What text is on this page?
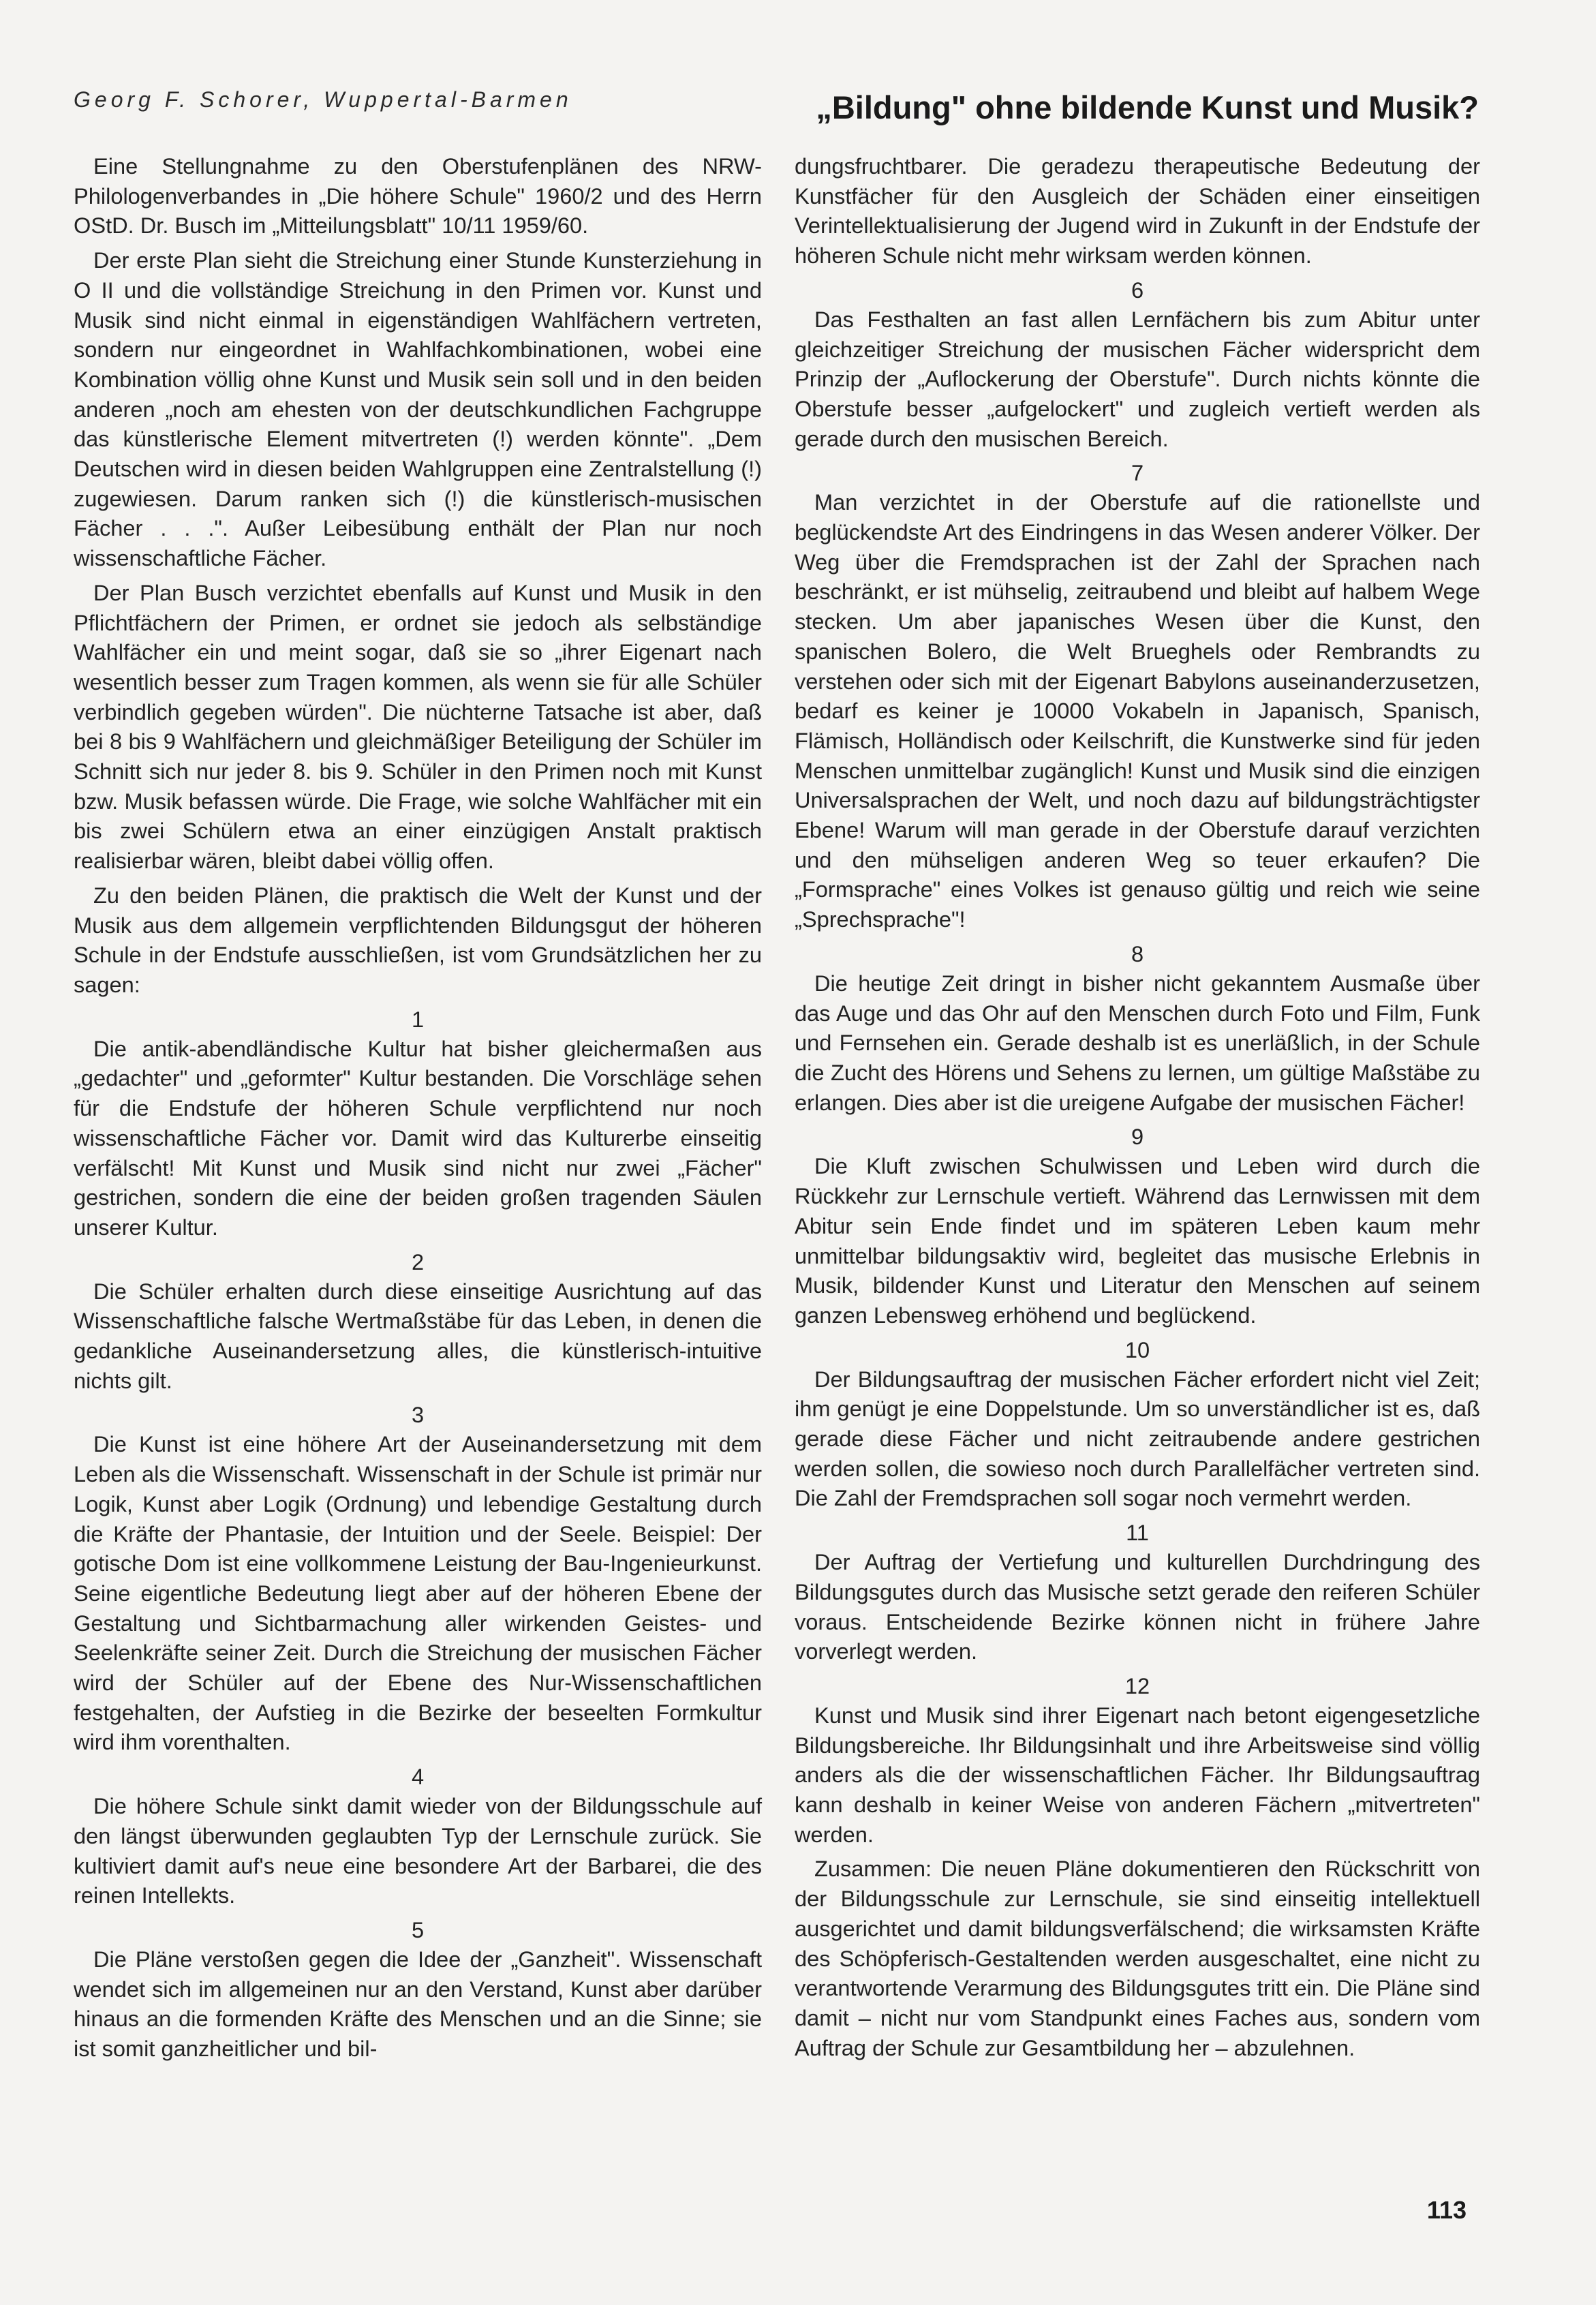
Georg F. Schorer, Wuppertal-Barmen	„Bildung" ohne bildende Kunst und Musik?

Eine Stellungnahme zu den Oberstufenplänen des NRW-Philologenverbandes in „Die höhere Schule" 1960/2 und des Herrn OStD. Dr. Busch im „Mitteilungsblatt" 10/11 1959/60.

Der erste Plan sieht die Streichung einer Stunde Kunsterziehung in O II und die vollständige Streichung in den Primen vor. Kunst und Musik sind nicht einmal in eigenständigen Wahlfächern vertreten, sondern nur eingeordnet in Wahlfachkombinationen, wobei eine Kombination völlig ohne Kunst und Musik sein soll und in den beiden anderen „noch am ehesten von der deutschkundlichen Fachgruppe das künstlerische Element mitvertreten (!) werden könnte". „Dem Deutschen wird in diesen beiden Wahlgruppen eine Zentralstellung (!) zugewiesen. Darum ranken sich (!) die künstlerisch-musischen Fächer . . .". Außer Leibesübung enthält der Plan nur noch wissenschaftliche Fächer.

Der Plan Busch verzichtet ebenfalls auf Kunst und Musik in den Pflichtfächern der Primen, er ordnet sie jedoch als selbständige Wahlfächer ein und meint sogar, daß sie so „ihrer Eigenart nach wesentlich besser zum Tragen kommen, als wenn sie für alle Schüler verbindlich gegeben würden". Die nüchterne Tatsache ist aber, daß bei 8 bis 9 Wahlfächern und gleichmäßiger Beteiligung der Schüler im Schnitt sich nur jeder 8. bis 9. Schüler in den Primen noch mit Kunst bzw. Musik befassen würde. Die Frage, wie solche Wahlfächer mit ein bis zwei Schülern etwa an einer einzügigen Anstalt praktisch realisierbar wären, bleibt dabei völlig offen.

Zu den beiden Plänen, die praktisch die Welt der Kunst und der Musik aus dem allgemein verpflichtenden Bildungsgut der höheren Schule in der Endstufe ausschließen, ist vom Grundsätzlichen her zu sagen:

1

Die antik-abendländische Kultur hat bisher gleichermaßen aus „gedachter" und „geformter" Kultur bestanden. Die Vorschläge sehen für die Endstufe der höheren Schule verpflichtend nur noch wissenschaftliche Fächer vor. Damit wird das Kulturerbe einseitig verfälscht! Mit Kunst und Musik sind nicht nur zwei „Fächer" gestrichen, sondern die eine der beiden großen tragenden Säulen unserer Kultur.

2

Die Schüler erhalten durch diese einseitige Ausrichtung auf das Wissenschaftliche falsche Wertmaßstäbe für das Leben, in denen die gedankliche Auseinandersetzung alles, die künstlerisch-intuitive nichts gilt.

3

Die Kunst ist eine höhere Art der Auseinandersetzung mit dem Leben als die Wissenschaft. Wissenschaft in der Schule ist primär nur Logik, Kunst aber Logik (Ordnung) und lebendige Gestaltung durch die Kräfte der Phantasie, der Intuition und der Seele. Beispiel: Der gotische Dom ist eine vollkommene Leistung der Bau-Ingenieurkunst. Seine eigentliche Bedeutung liegt aber auf der höheren Ebene der Gestaltung und Sichtbarmachung aller wirkenden Geistes- und Seelenkräfte seiner Zeit. Durch die Streichung der musischen Fächer wird der Schüler auf der Ebene des Nur-Wissenschaftlichen festgehalten, der Aufstieg in die Bezirke der beseelten Formkultur wird ihm vorenthalten.

4

Die höhere Schule sinkt damit wieder von der Bildungsschule auf den längst überwunden geglaubten Typ der Lernschule zurück. Sie kultiviert damit auf's neue eine besondere Art der Barbarei, die des reinen Intellekts.

5

Die Pläne verstoßen gegen die Idee der „Ganzheit". Wissenschaft wendet sich im allgemeinen nur an den Verstand, Kunst aber darüber hinaus an die formenden Kräfte des Menschen und an die Sinne; sie ist somit ganzheitlicher und bil-

dungsfruchtbarer. Die geradezu therapeutische Bedeutung der Kunstfächer für den Ausgleich der Schäden einer einseitigen Verintellektualisierung der Jugend wird in Zukunft in der Endstufe der höheren Schule nicht mehr wirksam werden können.

6

Das Festhalten an fast allen Lernfächern bis zum Abitur unter gleichzeitiger Streichung der musischen Fächer widerspricht dem Prinzip der „Auflockerung der Oberstufe". Durch nichts könnte die Oberstufe besser „aufgelockert" und zugleich vertieft werden als gerade durch den musischen Bereich.

7

Man verzichtet in der Oberstufe auf die rationellste und beglückendste Art des Eindringens in das Wesen anderer Völker. Der Weg über die Fremdsprachen ist der Zahl der Sprachen nach beschränkt, er ist mühselig, zeitraubend und bleibt auf halbem Wege stecken. Um aber japanisches Wesen über die Kunst, den spanischen Bolero, die Welt Brueghels oder Rembrandts zu verstehen oder sich mit der Eigenart Babylons auseinanderzusetzen, bedarf es keiner je 10000 Vokabeln in Japanisch, Spanisch, Flämisch, Holländisch oder Keilschrift, die Kunstwerke sind für jeden Menschen unmittelbar zugänglich! Kunst und Musik sind die einzigen Universalsprachen der Welt, und noch dazu auf bildungsträchtigster Ebene! Warum will man gerade in der Oberstufe darauf verzichten und den mühseligen anderen Weg so teuer erkaufen? Die „Formsprache" eines Volkes ist genauso gültig und reich wie seine „Sprechsprache"!

8

Die heutige Zeit dringt in bisher nicht gekanntem Ausmaße über das Auge und das Ohr auf den Menschen durch Foto und Film, Funk und Fernsehen ein. Gerade deshalb ist es unerläßlich, in der Schule die Zucht des Hörens und Sehens zu lernen, um gültige Maßstäbe zu erlangen. Dies aber ist die ureigene Aufgabe der musischen Fächer!

9

Die Kluft zwischen Schulwissen und Leben wird durch die Rückkehr zur Lernschule vertieft. Während das Lernwissen mit dem Abitur sein Ende findet und im späteren Leben kaum mehr unmittelbar bildungsaktiv wird, begleitet das musische Erlebnis in Musik, bildender Kunst und Literatur den Menschen auf seinem ganzen Lebensweg erhöhend und beglückend.

10

Der Bildungsauftrag der musischen Fächer erfordert nicht viel Zeit; ihm genügt je eine Doppelstunde. Um so unverständlicher ist es, daß gerade diese Fächer und nicht zeitraubende andere gestrichen werden sollen, die sowieso noch durch Parallelfächer vertreten sind. Die Zahl der Fremdsprachen soll sogar noch vermehrt werden.

11

Der Auftrag der Vertiefung und kulturellen Durchdringung des Bildungsgutes durch das Musische setzt gerade den reiferen Schüler voraus. Entscheidende Bezirke können nicht in frühere Jahre vorverlegt werden.

12

Kunst und Musik sind ihrer Eigenart nach betont eigengesetzliche Bildungsbereiche. Ihr Bildungsinhalt und ihre Arbeitsweise sind völlig anders als die der wissenschaftlichen Fächer. Ihr Bildungsauftrag kann deshalb in keiner Weise von anderen Fächern „mitvertreten" werden.

Zusammen: Die neuen Pläne dokumentieren den Rückschritt von der Bildungsschule zur Lernschule, sie sind einseitig intellektuell ausgerichtet und damit bildungsverfälschend; die wirksamsten Kräfte des Schöpferisch-Gestaltenden werden ausgeschaltet, eine nicht zu verantwortende Verarmung des Bildungsgutes tritt ein. Die Pläne sind damit – nicht nur vom Standpunkt eines Faches aus, sondern vom Auftrag der Schule zur Gesamtbildung her – abzulehnen.

113
